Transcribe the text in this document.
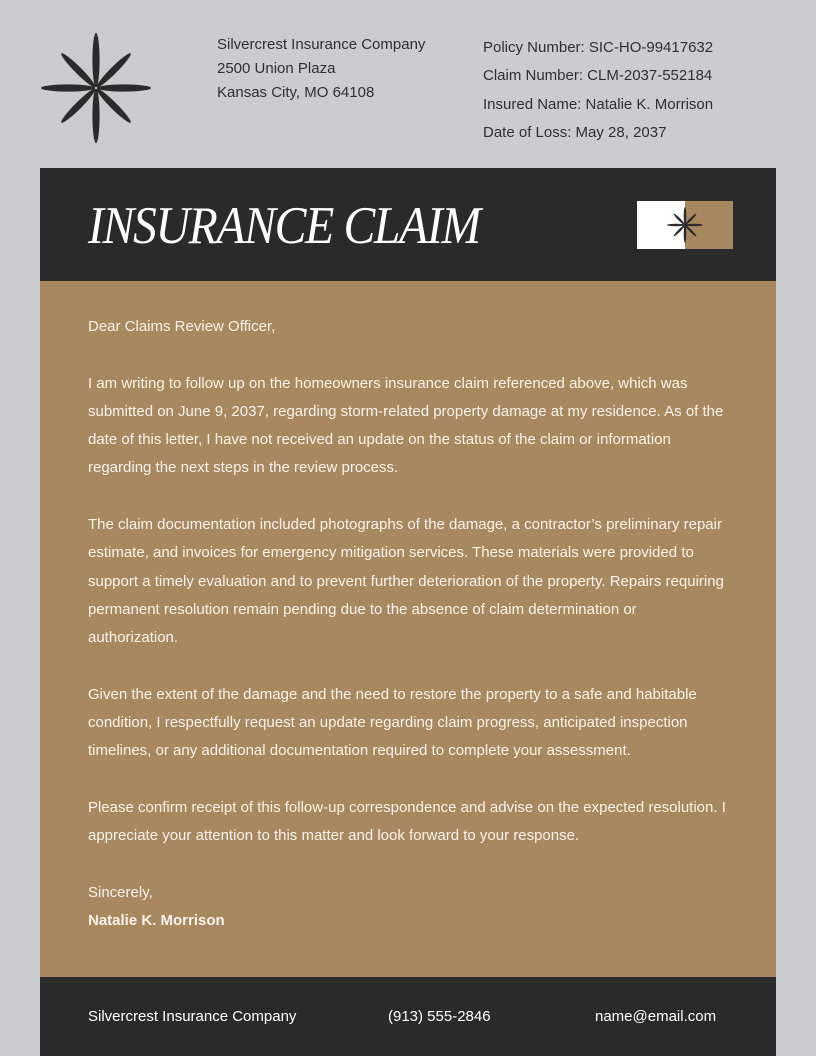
Silvercrest Insurance Company
2500 Union Plaza
Kansas City, MO 64108
Policy Number: SIC-HO-99417632
Claim Number: CLM-2037-552184
Insured Name: Natalie K. Morrison
Date of Loss: May 28, 2037
INSURANCE CLAIM

Dear Claims Review Officer,

I am writing to follow up on the homeowners insurance claim referenced above, which was submitted on June 9, 2037, regarding storm-related property damage at my residence. As of the date of this letter, I have not received an update on the status of the claim or information regarding the next steps in the review process.

The claim documentation included photographs of the damage, a contractor’s preliminary repair estimate, and invoices for emergency mitigation services. These materials were provided to support a timely evaluation and to prevent further deterioration of the property. Repairs requiring permanent resolution remain pending due to the absence of claim determination or authorization.

Given the extent of the damage and the need to restore the property to a safe and habitable condition, I respectfully request an update regarding claim progress, anticipated inspection timelines, or any additional documentation required to complete your assessment.

Please confirm receipt of this follow-up correspondence and advise on the expected resolution. I appreciate your attention to this matter and look forward to your response.

Sincerely,

Natalie K. Morrison

Silvercrest Insurance Company	(913) 555-2846	name@email.com
